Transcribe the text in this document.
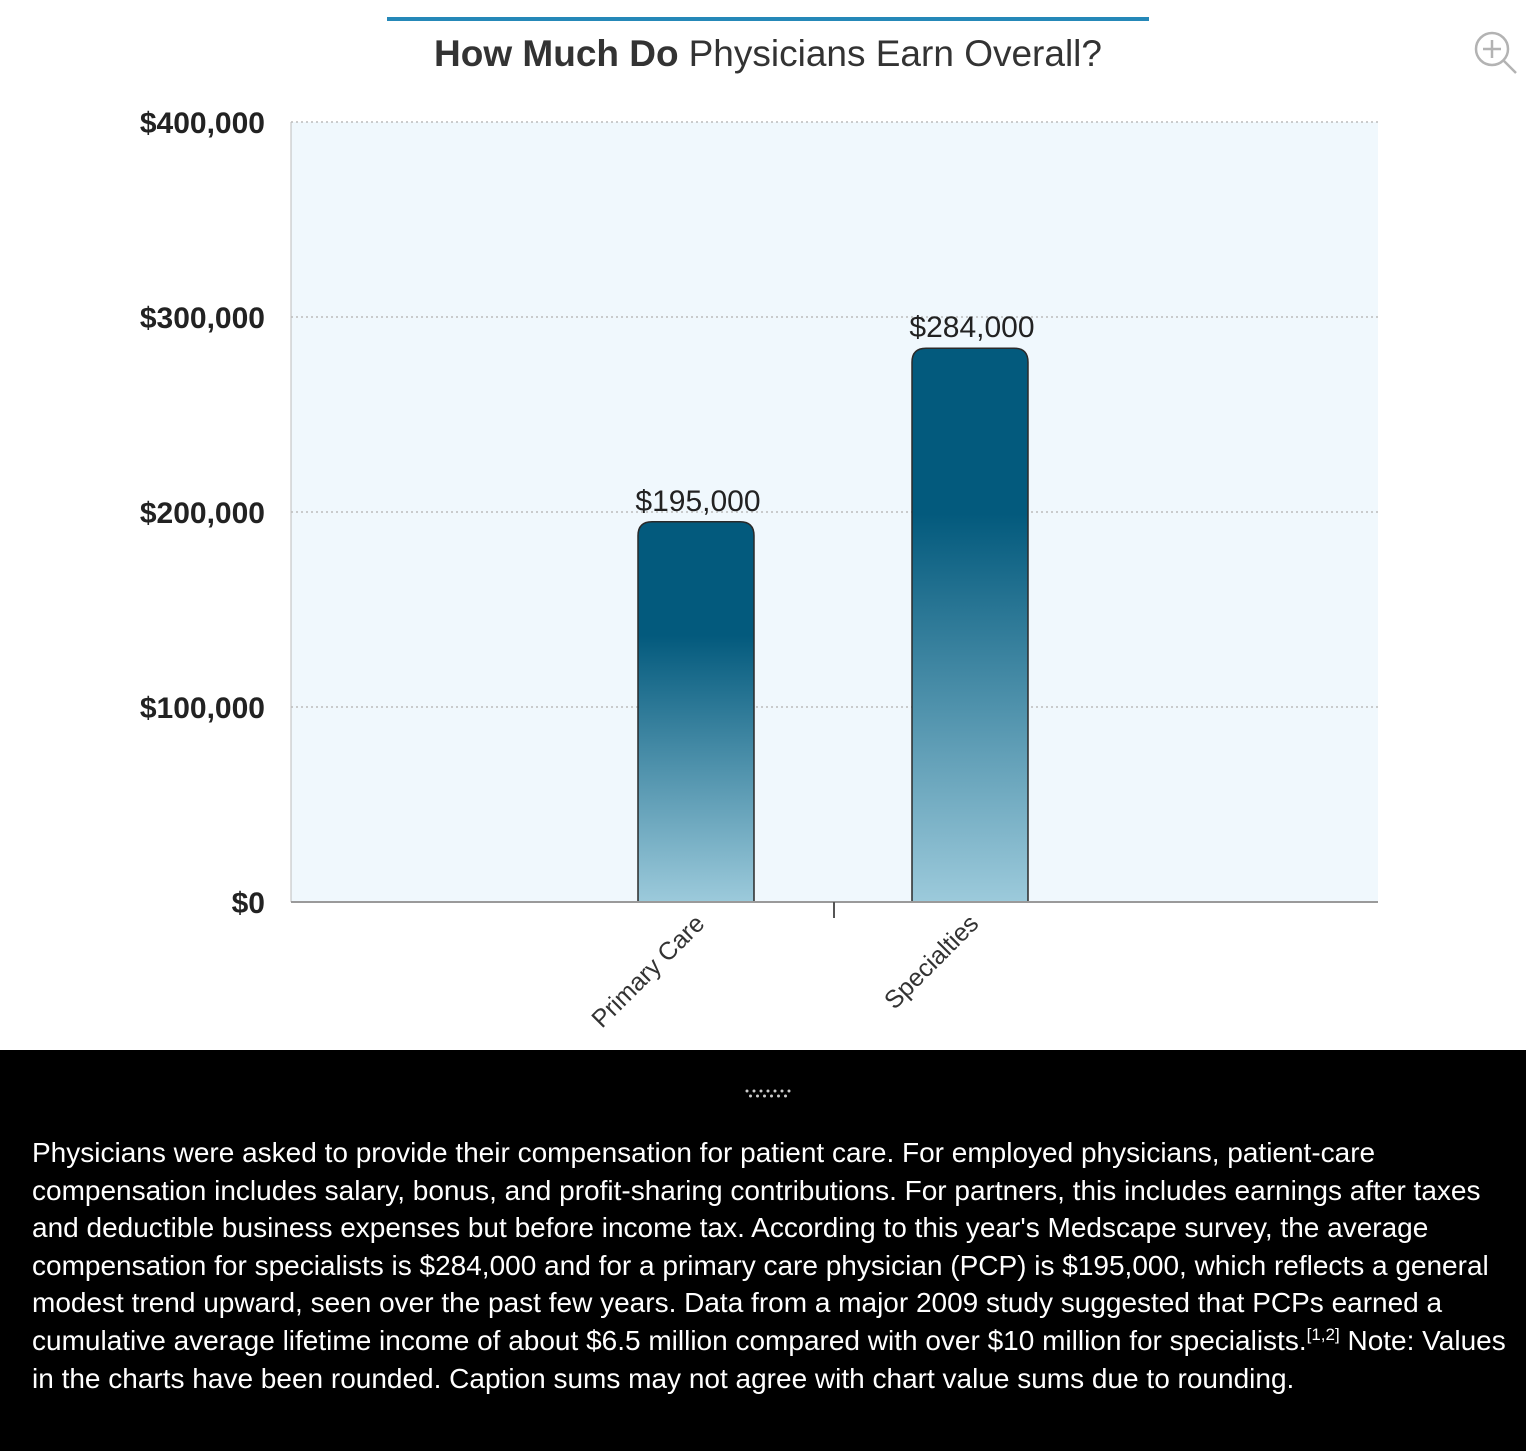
How Much Do Physicians Earn Overall?
$0
$100,000
$200,000
$300,000
$400,000
$195,000
$284,000
Primary Care	Specialties

Physicians were asked to provide their compensation for patient care. For employed physicians, patient-care compensation includes salary, bonus, and profit-sharing contributions. For partners, this includes earnings after taxes and deductible business expenses but before income tax. According to this year's Medscape survey, the average compensation for specialists is $284,000 and for a primary care physician (PCP) is $195,000, which reflects a general modest trend upward, seen over the past few years. Data from a major 2009 study suggested that PCPs earned a cumulative average lifetime income of about $6.5 million compared with over $10 million for specialists.[1,2] Note: Values in the charts have been rounded. Caption sums may not agree with chart value sums due to rounding.
